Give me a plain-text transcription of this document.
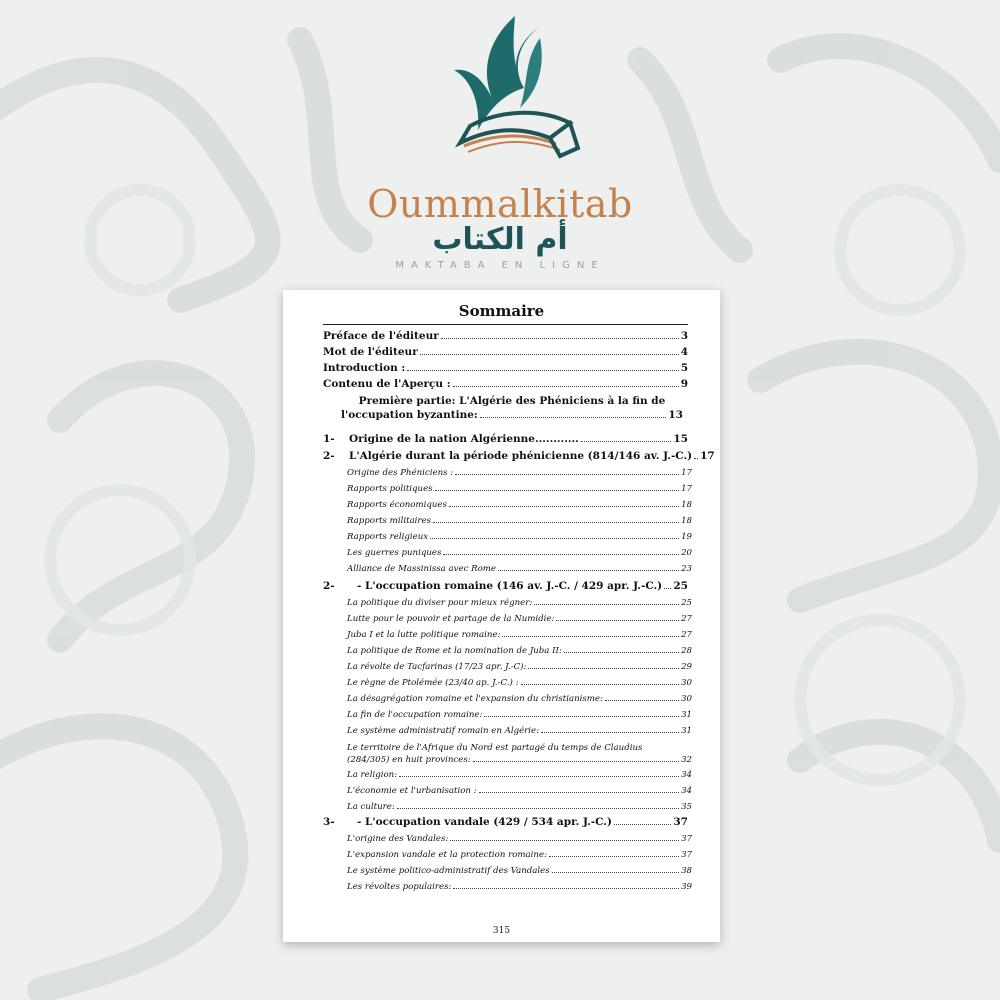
Oummalkitab
أم الكتاب
MAKTABA EN LIGNE
Sommaire
Préface de l'éditeur	3
Mot de l'éditeur	4
Introduction :	5
Contenu de l'Aperçu :	9
Première partie: L'Algérie des Phéniciens à la fin de
l'occupation byzantine:	13
1-	Origine de la nation Algérienne............	15
2-	L'Algérie durant la période phénicienne (814/146 av. J.-C.) 17
Origine des Phéniciens :	17
Rapports politiques	17
Rapports économiques	18
Rapports militaires	18
Rapports religieux	19
Les guerres puniques	20
Alliance de Massinissa avec Rome	23
2-	- L'occupation romaine (146 av. J.-C. / 429 apr. J.-C.) 25
La politique du diviser pour mieux régner:	25
Lutte pour le pouvoir et partage de la Numidie:	27
Juba I et la lutte politique romaine:	27
La politique de Rome et la nomination de Juba II:	28
La révolte de Tacfarinas (17/23 apr. J.-C):	29
Le règne de Ptolémée (23/40 ap. J.-C.) :	30
La désagrégation romaine et l'expansion du christianisme:	30
La fin de l'occupation romaine:	31
Le système administratif romain en Algérie:	31
Le territoire de l'Afrique du Nord est partagé du temps de Claudius
(284/305) en huit provinces:	32
La religion:	34
L'économie et l'urbanisation :	34
La culture:	35
3-	- L'occupation vandale (429 / 534 apr. J.-C.)	37
L'origine des Vandales:	37
L'expansion vandale et la protection romaine:	37
Le système politico-administratif des Vandales	38
Les révoltes populaires:	39
315
